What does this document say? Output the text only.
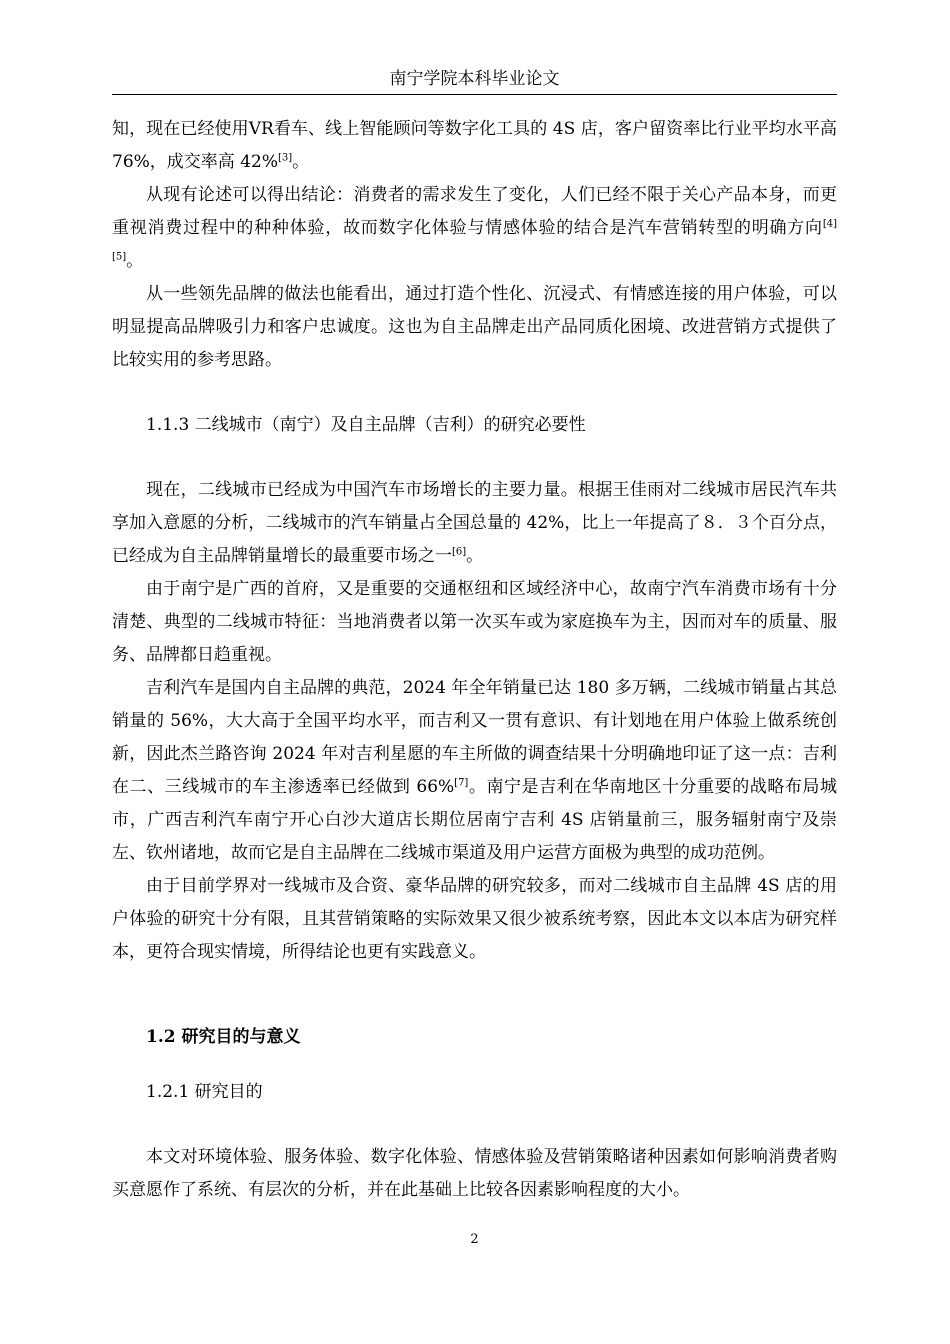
南宁学院本科毕业论文

知，现在已经使用VR看车、线上智能顾问等数字化工具的 4S 店，客户留资率比行业平均水平高 76%，成交率高 42%[3]。

从现有论述可以得出结论：消费者的需求发生了变化，人们已经不限于关心产品本身，而更重视消费过程中的种种体验，故而数字化体验与情感体验的结合是汽车营销转型的明确方向[4] [5]。

从一些领先品牌的做法也能看出，通过打造个性化、沉浸式、有情感连接的用户体验，可以明显提高品牌吸引力和客户忠诚度。这也为自主品牌走出产品同质化困境、改进营销方式提供了比较实用的参考思路。

1.1.3 二线城市（南宁）及自主品牌（吉利）的研究必要性

现在，二线城市已经成为中国汽车市场增长的主要力量。根据王佳雨对二线城市居民汽车共享加入意愿的分析，二线城市的汽车销量占全国总量的 42%，比上一年提高了８．３个百分点，已经成为自主品牌销量增长的最重要市场之一[6]。

由于南宁是广西的首府，又是重要的交通枢纽和区域经济中心，故南宁汽车消费市场有十分清楚、典型的二线城市特征：当地消费者以第一次买车或为家庭换车为主，因而对车的质量、服务、品牌都日趋重视。

吉利汽车是国内自主品牌的典范，2024 年全年销量已达 180 多万辆，二线城市销量占其总销量的 56%，大大高于全国平均水平，而吉利又一贯有意识、有计划地在用户体验上做系统创新，因此杰兰路咨询 2024 年对吉利星愿的车主所做的调查结果十分明确地印证了这一点：吉利在二、三线城市的车主渗透率已经做到 66%[7]。南宁是吉利在华南地区十分重要的战略布局城市，广西吉利汽车南宁开心白沙大道店长期位居南宁吉利 4S 店销量前三，服务辐射南宁及崇左、钦州诸地，故而它是自主品牌在二线城市渠道及用户运营方面极为典型的成功范例。

由于目前学界对一线城市及合资、豪华品牌的研究较多，而对二线城市自主品牌 4S 店的用户体验的研究十分有限，且其营销策略的实际效果又很少被系统考察，因此本文以本店为研究样本，更符合现实情境，所得结论也更有实践意义。

1.2 研究目的与意义

1.2.1 研究目的

本文对环境体验、服务体验、数字化体验、情感体验及营销策略诸种因素如何影响消费者购买意愿作了系统、有层次的分析，并在此基础上比较各因素影响程度的大小。

2
